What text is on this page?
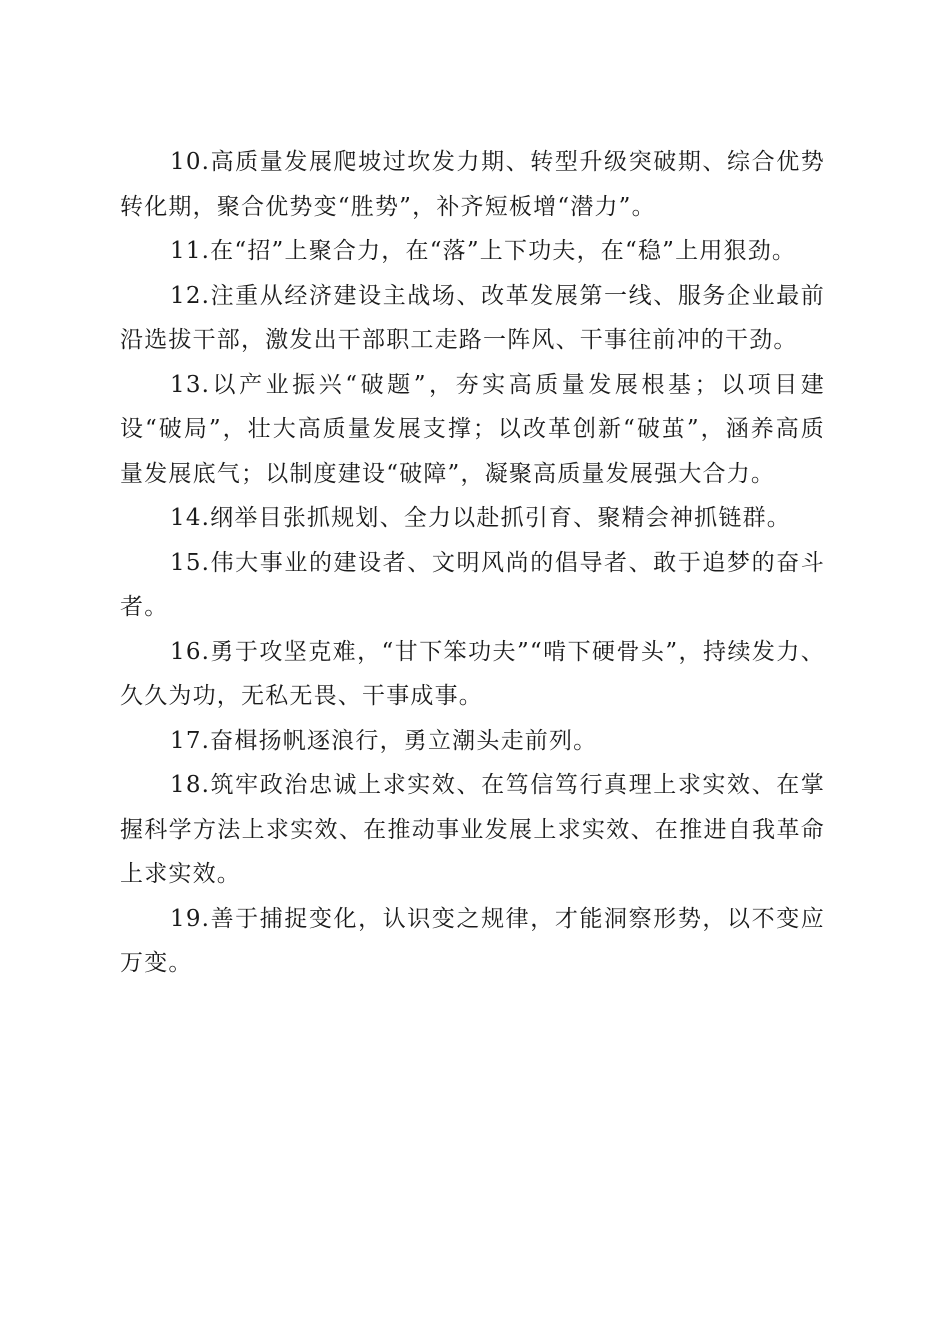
10.高质量发展爬坡过坎发力期、转型升级突破期、综合优势转化期，聚合优势变“胜势”，补齐短板增“潜力”。

11.在“招”上聚合力，在“落”上下功夫，在“稳”上用狠劲。

12.注重从经济建设主战场、改革发展第一线、服务企业最前沿选拔干部，激发出干部职工走路一阵风、干事往前冲的干劲。

13.以产业振兴“破题”，夯实高质量发展根基；以项目建设“破局”，壮大高质量发展支撑；以改革创新“破茧”，涵养高质量发展底气；以制度建设“破障”，凝聚高质量发展强大合力。

14.纲举目张抓规划、全力以赴抓引育、聚精会神抓链群。

15.伟大事业的建设者、文明风尚的倡导者、敢于追梦的奋斗者。

16.勇于攻坚克难，“甘下笨功夫”“啃下硬骨头”，持续发力、久久为功，无私无畏、干事成事。

17.奋楫扬帆逐浪行，勇立潮头走前列。

18.筑牢政治忠诚上求实效、在笃信笃行真理上求实效、在掌握科学方法上求实效、在推动事业发展上求实效、在推进自我革命上求实效。

19.善于捕捉变化，认识变之规律，才能洞察形势，以不变应万变。
